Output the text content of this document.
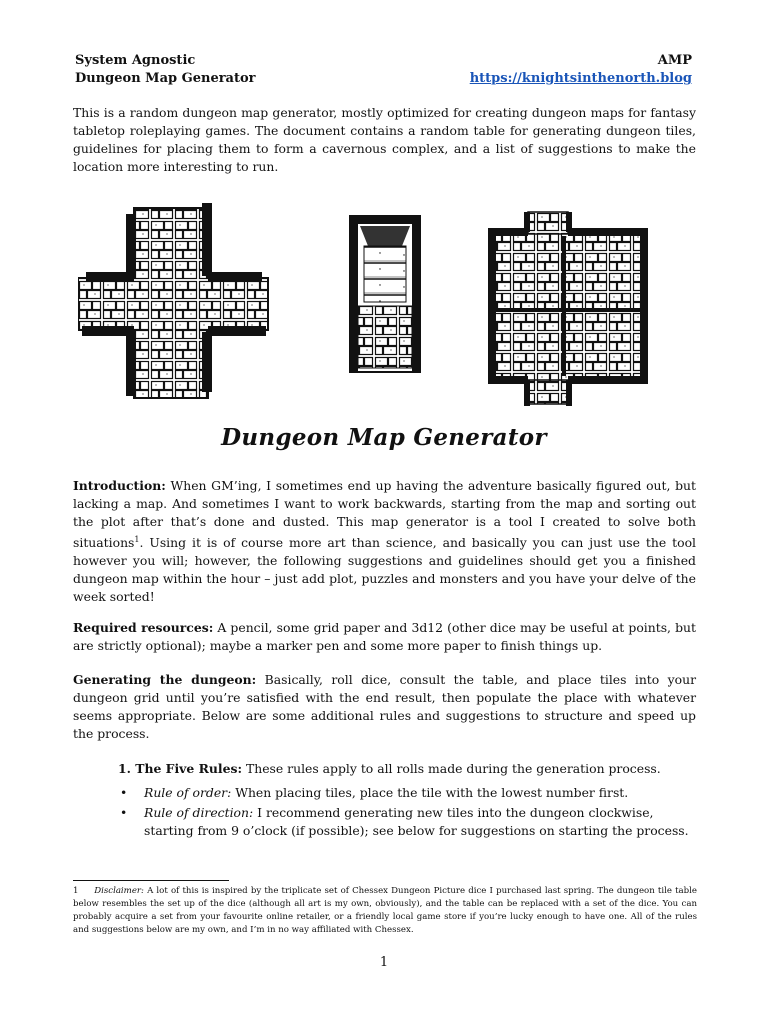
System Agnostic
Dungeon Map Generator
AMP
https://knightsinthenorth.blog

This is a random dungeon map generator, mostly optimized for creating dungeon maps for fantasy tabletop roleplaying games. The document contains a random table for generating dungeon tiles, guidelines for placing them to form a cavernous complex, and a list of suggestions to make the location more interesting to run.

Dungeon Map Generator

Introduction: When GM’ing, I sometimes end up having the adventure basically figured out, but lacking a map. And sometimes I want to work backwards, starting from the map and sorting out the plot after that’s done and dusted. This map generator is a tool I created to solve both situations$^1$. Using it is of course more art than science, and basically you can just use the tool however you will; however, the following suggestions and guidelines should get you a finished dungeon map within the hour – just add plot, puzzles and monsters and you have your delve of the week sorted!

Required resources: A pencil, some grid paper and 3d12 (other dice may be useful at points, but are strictly optional); maybe a marker pen and some more paper to finish things up.

Generating the dungeon: Basically, roll dice, consult the table, and place tiles into your dungeon grid until you’re satisfied with the end result, then populate the place with whatever seems appropriate. Below are some additional rules and suggestions to structure and speed up the process.

1. The Five Rules: These rules apply to all rolls made during the generation process.
• Rule of order: When placing tiles, place the tile with the lowest number first.
• Rule of direction: I recommend generating new tiles into the dungeon clockwise, starting from 9 o’clock (if possible); see below for suggestions on starting the process.

1 Disclaimer: A lot of this is inspired by the triplicate set of Chessex Dungeon Picture dice I purchased last spring. The dungeon tile table below resembles the set up of the dice (although all art is my own, obviously), and the table can be replaced with a set of the dice. You can probably acquire a set from your favourite online retailer, or a friendly local game store if you’re lucky enough to have one. All of the rules and suggestions below are my own, and I’m in no way affiliated with Chessex.

1
